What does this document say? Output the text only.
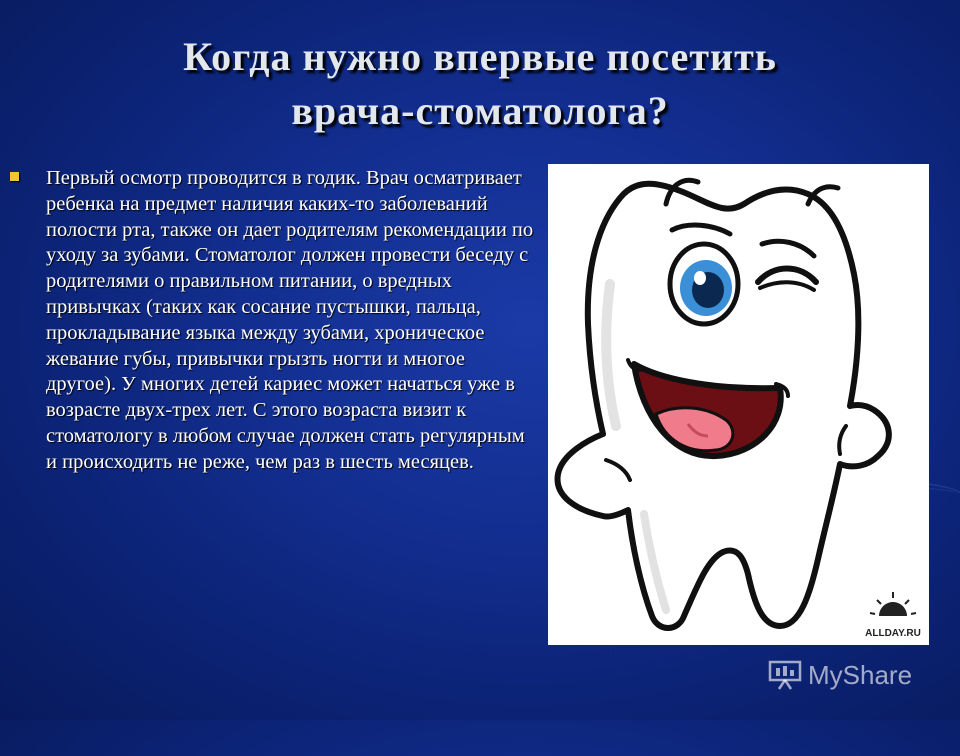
Когда нужно впервые посетить
врача-стоматолога?
Первый осмотр проводится в годик. Врач осматривает ребенка на предмет наличия каких-то заболеваний полости рта, также он дает родителям рекомендации по уходу за зубами. Стоматолог должен провести беседу с родителями о правильном питании, о вредных привычках (таких как сосание пустышки, пальца, прокладывание языка между зубами, хроническое жевание губы, привычки грызть ногти и многое другое). У многих детей кариес может начаться уже в возрасте двух-трех лет. С этого возраста визит к стоматологу в любом случае должен стать регулярным и происходить не реже, чем раз в шесть месяцев.
ALLDAY.RU
MyShare
